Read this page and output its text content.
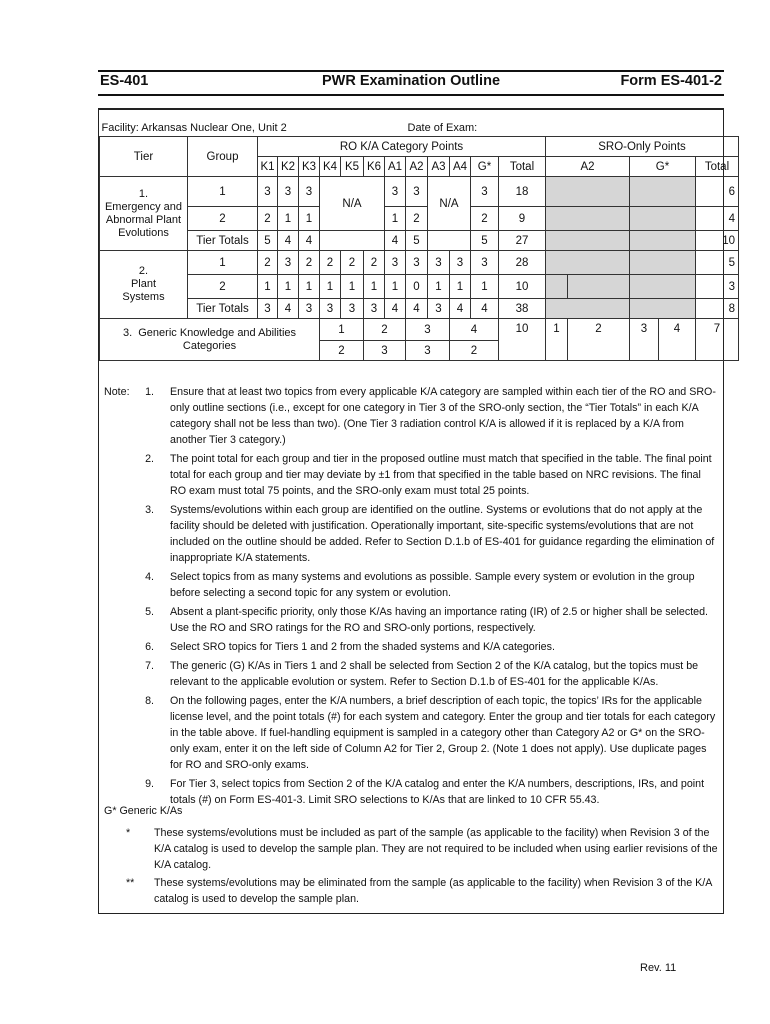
ES-401	PWR Examination Outline	Form ES-401-2
Facility: Arkansas Nuclear One, Unit 2									Date of Exam:									
Tier	Group	RO K/A Category Points												SRO-Only Points				
		K1	K2	K3	K4	K5	K6	A1	A2	A3	A4	G*	Total	A2		G*		Total
1.
Emergency and
Abnormal Plant
Evolutions	1	3	3	3	N/A			3	3	N/A		3	18					6
	2	2	1	1				1	2			2	9					4
	Tier Totals	5	4	4				4	5			5	27					10
2.
Plant
Systems	1	2	3	2	2	2	2	3	3	3	3	3	28					5
	2	1	1	1	1	1	1	1	0	1	1	1	10					3
	Tier Totals	3	4	3	3	3	3	4	4	3	4	4	38					8
3.  Generic Knowledge and Abilities
Categories					1		2		3		4		10	1	2	3	4	7
					2		3		3		2							
Note:	1. Ensure that at least two topics from every applicable K/A category are sampled within each tier of the RO and SRO-only outline sections (i.e., except for one category in Tier 3 of the SRO-only section, the “Tier Totals” in each K/A category shall not be less than two). (One Tier 3 radiation control K/A is allowed if it is replaced by a K/A from another Tier 3 category.)
2. The point total for each group and tier in the proposed outline must match that specified in the table. The final point total for each group and tier may deviate by ±1 from that specified in the table based on NRC revisions. The final RO exam must total 75 points, and the SRO-only exam must total 25 points.
3. Systems/evolutions within each group are identified on the outline. Systems or evolutions that do not apply at the facility should be deleted with justification. Operationally important, site-specific systems/evolutions that are not included on the outline should be added. Refer to Section D.1.b of ES-401 for guidance regarding the elimination of inappropriate K/A statements.
4. Select topics from as many systems and evolutions as possible. Sample every system or evolution in the group before selecting a second topic for any system or evolution.
5. Absent a plant-specific priority, only those K/As having an importance rating (IR) of 2.5 or higher shall be selected. Use the RO and SRO ratings for the RO and SRO-only portions, respectively.
6. Select SRO topics for Tiers 1 and 2 from the shaded systems and K/A categories.
7. The generic (G) K/As in Tiers 1 and 2 shall be selected from Section 2 of the K/A catalog, but the topics must be relevant to the applicable evolution or system. Refer to Section D.1.b of ES-401 for the applicable K/As.
8. On the following pages, enter the K/A numbers, a brief description of each topic, the topics’ IRs for the applicable license level, and the point totals (#) for each system and category. Enter the group and tier totals for each category in the table above. If fuel-handling equipment is sampled in a category other than Category A2 or G* on the SRO-only exam, enter it on the left side of Column A2 for Tier 2, Group 2. (Note 1 does not apply). Use duplicate pages for RO and SRO-only exams.
9. For Tier 3, select topics from Section 2 of the K/A catalog and enter the K/A numbers, descriptions, IRs, and point totals (#) on Form ES-401-3. Limit SRO selections to K/As that are linked to 10 CFR 55.43.
G* Generic K/As
* These systems/evolutions must be included as part of the sample (as applicable to the facility) when Revision 3 of the K/A catalog is used to develop the sample plan. They are not required to be included when using earlier revisions of the K/A catalog.
** These systems/evolutions may be eliminated from the sample (as applicable to the facility) when Revision 3 of the K/A catalog is used to develop the sample plan.
Rev. 11
